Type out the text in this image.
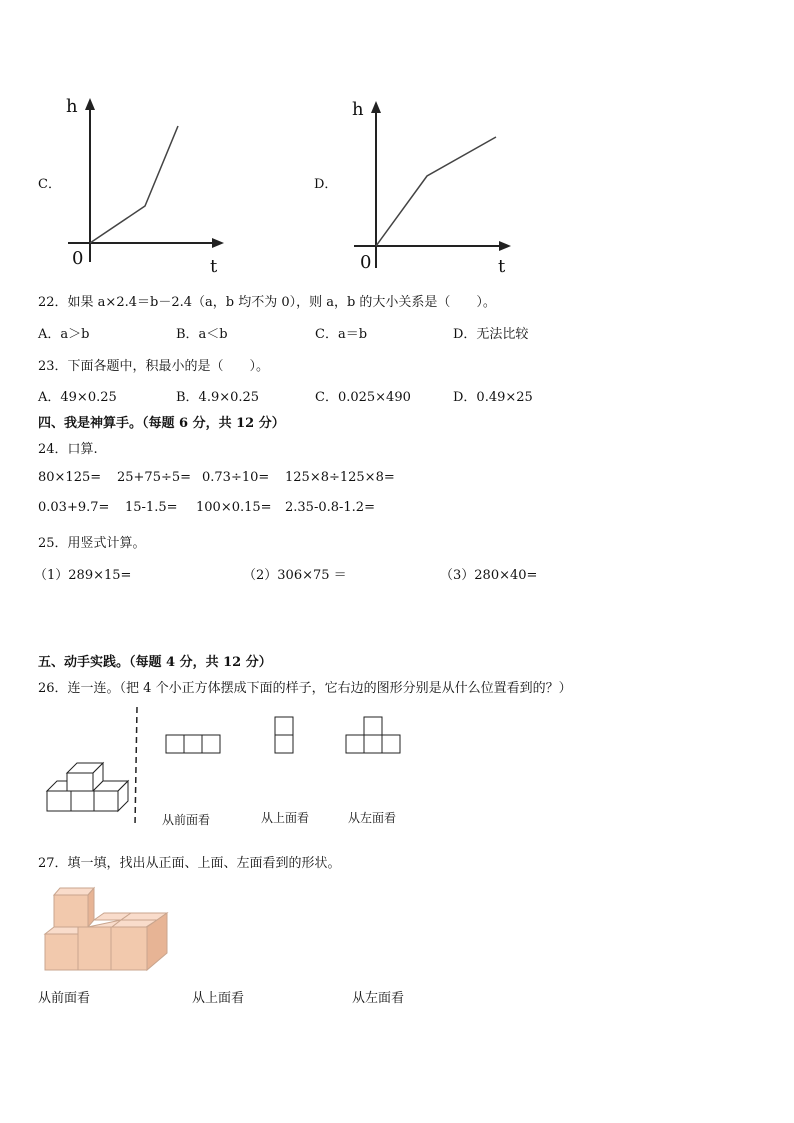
C．
h
t
0
D．
h
t
0
22．如果 a×2.4＝b－2.4（a，b 均不为 0），则 a，b 的大小关系是（　　）。
A．a＞b	B．a＜b	C．a＝b	D．无法比较
23．下面各题中，积最小的是（　　）。
A．49×0.25	B．4.9×0.25	C．0.025×490	D．0.49×25
四、我是神算手。（每题 6 分，共 12 分）
24．口算.
80×125= 25+75÷5= 0.73÷10= 125×8÷125×8=
0.03+9.7= 15-1.5= 100×0.15= 2.35-0.8-1.2=
25．用竖式计算。
（1）289×15=	（2）306×75 ＝	（3）280×40=
五、动手实践。（每题 4 分，共 12 分）
26．连一连。（把 4 个小正方体摆成下面的样子，它右边的图形分别是从什么位置看到的？）
从前面看	从上面看	从左面看
27．填一填，找出从正面、上面、左面看到的形状。
从前面看	从上面看	从左面看
